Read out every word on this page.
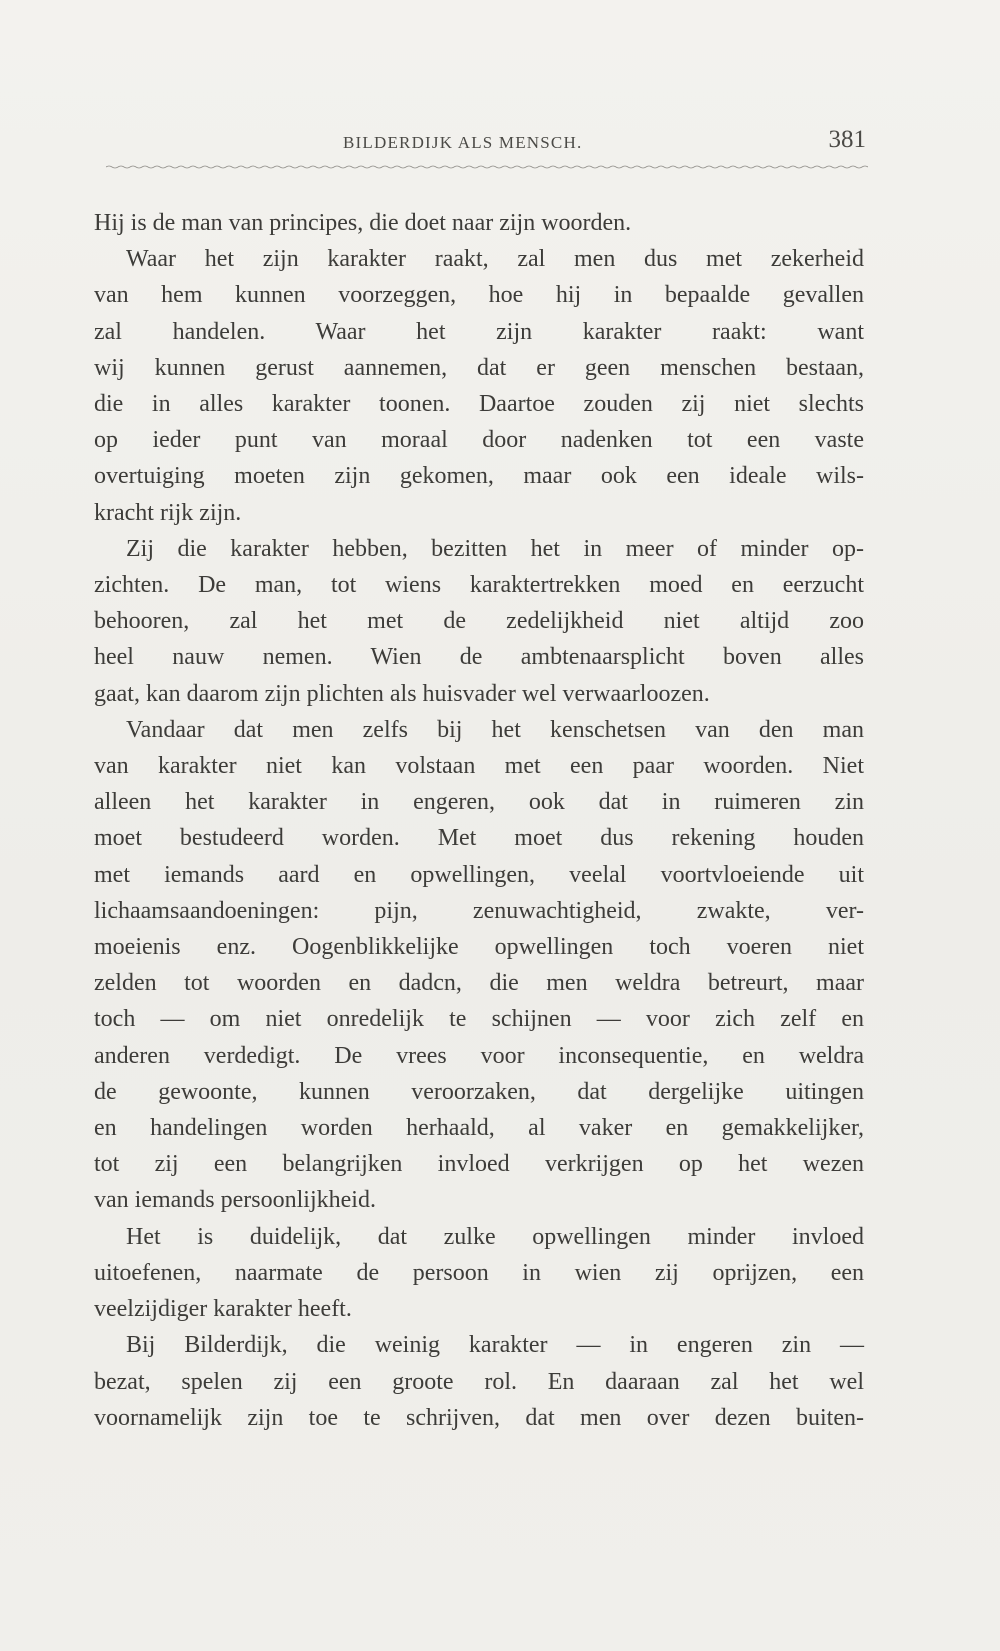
BILDERDIJK ALS MENSCH.	381

Hij is de man van principes, die doet naar zijn woorden.

Waar het zijn karakter raakt, zal men dus met zekerheid

van hem kunnen voorzeggen, hoe hij in bepaalde gevallen

zal handelen. Waar het zijn karakter raakt: want

wij kunnen gerust aannemen, dat er geen menschen bestaan,

die in alles karakter toonen. Daartoe zouden zij niet slechts

op ieder punt van moraal door nadenken tot een vaste

overtuiging moeten zijn gekomen, maar ook een ideale wils-

kracht rijk zijn.

Zij die karakter hebben, bezitten het in meer of minder op-

zichten. De man, tot wiens karaktertrekken moed en eerzucht

behooren, zal het met de zedelijkheid niet altijd zoo

heel nauw nemen. Wien de ambtenaarsplicht boven alles

gaat, kan daarom zijn plichten als huisvader wel verwaarloozen.

Vandaar dat men zelfs bij het kenschetsen van den man

van karakter niet kan volstaan met een paar woorden. Niet

alleen het karakter in engeren, ook dat in ruimeren zin

moet bestudeerd worden. Met moet dus rekening houden

met iemands aard en opwellingen, veelal voortvloeiende uit

lichaamsaandoeningen: pijn, zenuwachtigheid, zwakte, ver-

moeienis enz. Oogenblikkelijke opwellingen toch voeren niet

zelden tot woorden en dadcn, die men weldra betreurt, maar

toch — om niet onredelijk te schijnen — voor zich zelf en

anderen verdedigt. De vrees voor inconsequentie, en weldra

de gewoonte, kunnen veroorzaken, dat dergelijke uitingen

en handelingen worden herhaald, al vaker en gemakkelijker,

tot zij een belangrijken invloed verkrijgen op het wezen

van iemands persoonlijkheid.

Het is duidelijk, dat zulke opwellingen minder invloed

uitoefenen, naarmate de persoon in wien zij oprijzen, een

veelzijdiger karakter heeft.

Bij Bilderdijk, die weinig karakter — in engeren zin —

bezat, spelen zij een groote rol. En daaraan zal het wel

voornamelijk zijn toe te schrijven, dat men over dezen buiten-
